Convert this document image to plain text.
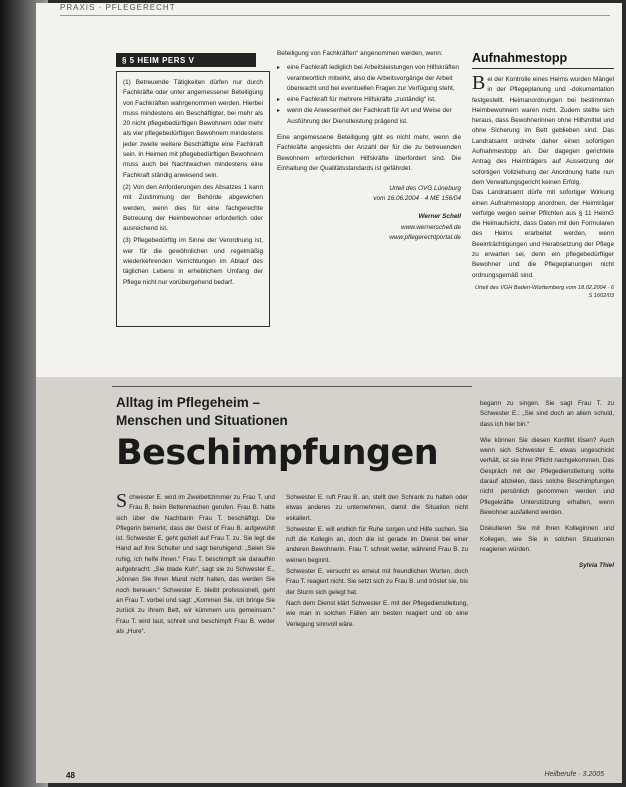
PRAXIS · PFLEGERECHT
§ 5 HEIM PERS V

(1) Betreuende Tätigkeiten dürfen nur durch Fachkräfte oder unter angemessener Beteiligung von Fachkräften wahrgenommen werden. Hierbei muss mindestens ein Beschäftigter, bei mehr als 20 nicht pflegebedürftigen Bewohnern oder mehr als vier pflegebedürftigen Bewohnern mindestens jeder zweite weitere Beschäftigte eine Fachkraft sein. In Heimen mit pflegebedürftigen Bewohnern muss auch bei Nachtwachen mindestens eine Fachkraft ständig anwesend sein.

(2) Von den Anforderungen des Absatzes 1 kann mit Zustimmung der Behörde abgewichen werden, wenn dies für eine fachgerechte Betreuung der Heimbewohner erforderlich oder ausreichend ist.

(3) Pflegebedürftig im Sinne der Verordnung ist, wer für die gewöhnlichen und regelmäßig wiederkehrenden Verrichtungen im Ablauf des täglichen Lebens in erheblichem Umfang der Pflege nicht nur vorübergehend bedarf.

Beteiligung von Fachkräften“ angenommen werden, wenn:

▸ eine Fachkraft lediglich bei Arbeitsleistungen von Hilfskräften verantwortlich mitwirkt, also die Arbeitsvorgänge der Arbeit überwacht und bei eventuellen Fragen zur Verfügung steht,
▸ eine Fachkraft für mehrere Hilfskräfte „zuständig“ ist,
▸ wenn die Anwesenheit der Fachkraft für Art und Weise der Ausführung der Dienstleistung prägend ist.

Eine angemessene Beteiligung gibt es nicht mehr, wenn die Fachkräfte angesichts der Anzahl der für die zu betreuenden Bewohnern erforderlichen Hilfskräfte überfordert sind. Die Einhaltung der Qualitätsstandards ist gefährdet.

Urteil des OVG Lüneburg
vom 16.06.2004 · 4 ME 156/04
Werner Schell
www.wernerschell.de
www.pflegerechtportal.de
Aufnahmestopp

Bei der Kontrolle eines Heims wurden Mängel in der Pflegeplanung und -dokumentation festgestellt. Heimanordnungen bei bestimmten Heimbewohnern waren nicht. Zudem stellte sich heraus, dass Bewohnerinnen ohne Hilfsmittel und ohne Sicherung im Bett geblieben sind. Das Landratsamt ordnete daher einen sofortigen Aufnahmestopp an. Der dagegen gerichtete Antrag des Heimträgers auf Aussetzung der sofortigen Vollziehung der Anordnung hatte nun dem Verwaltungsgericht keinen Erfolg.

Das Landratsamt dürfe mit sofortiger Wirkung einen Aufnahmestopp anordnen, der Heimträger verfolge wegen seiner Pflichten aus § 11 HeimG die Heimaufsicht, dass Daten mit den Formularen des Heims erarbeitet werden, wenn Beeinträchtigungen und Herabsetzung der Pflege zu erwarten sei, denn ein pflegebedürftiger Bewohner und die Pflegeplanungen nicht ordnungsgemäß sind.

Urteil des VGH Baden-Württemberg vom 18.02.2004 · 6 S 1602/03
Alltag im Pflegeheim –
Menschen und Situationen
Beschimpfungen

Schwester E. wird im Zweibettzimmer zu Frau T. und Frau B. beim Bettenmachen gerufen. Frau B. hatte sich über die Nachbarin Frau T. beschäftigt. Die Pflegerin bemerkt, dass der Geist of Frau B. aufgewühlt ist. Schwester E. geht gezielt auf Frau T. zu. Sie legt die Hand auf ihre Schulter und sagt beruhigend: „Seien Sie ruhig, ich helfe Ihnen.“ Frau T. beschimpft sie daraufhin aufgebracht: „Sie blade Kuh“, sagt sie zu Schwester E., „können Sie Ihren Mund nicht halten, das werden Sie noch bereuen.“ Schwester E. bleibt professionell, geht an Frau T. vorbei und sagt: „Kommen Sie, ich bringe Sie zurück zu Ihrem Bett, wir kümmern uns gemeinsam.“ Frau T. wird laut, schreit und beschimpft Frau B. weiter als „Hure“.

Schwester E. ruft Frau B. an, stellt den Schrank zu halten oder etwas anderes zu unternehmen, damit die Situation nicht eskaliert.

Schwester E. will endlich für Ruhe sorgen und Hilfe suchen. Sie ruft die Kollegin an, doch die ist gerade im Dienst bei einer anderen Bewohnerin. Frau T. schreit weiter, während Frau B. zu weinen beginnt.

Schwester E. versucht es erneut mit freundlichen Worten, doch Frau T. reagiert nicht. Sie setzt sich zu Frau B. und tröstet sie, bis der Sturm sich gelegt hat.

Nach dem Dienst klärt Schwester E. mit der Pflegedienstleitung, wie man in solchen Fällen am besten reagiert und ob eine Verlegung sinnvoll wäre.

begann zu singen. Sie sagt Frau T. zu Schwester E.: „Sie sind doch an allem schuld, dass ich hier bin.“

Wie können Sie diesen Konflikt lösen? Auch wenn sich Schwester E. etwas ungeschickt verhält, ist sie ihrer Pflicht nachgekommen. Das Gespräch mit der Pflegedienstleitung sollte darauf abzielen, dass solche Beschimpfungen nicht persönlich genommen werden und Pflegekräfte Unterstützung erhalten, wenn Bewohner ausfallend werden.

Diskutieren Sie mit Ihren Kolleginnen und Kollegen, wie Sie in solchen Situationen reagieren würden.

Sylvia Thiel
48	Heilberufe · 3.2005
